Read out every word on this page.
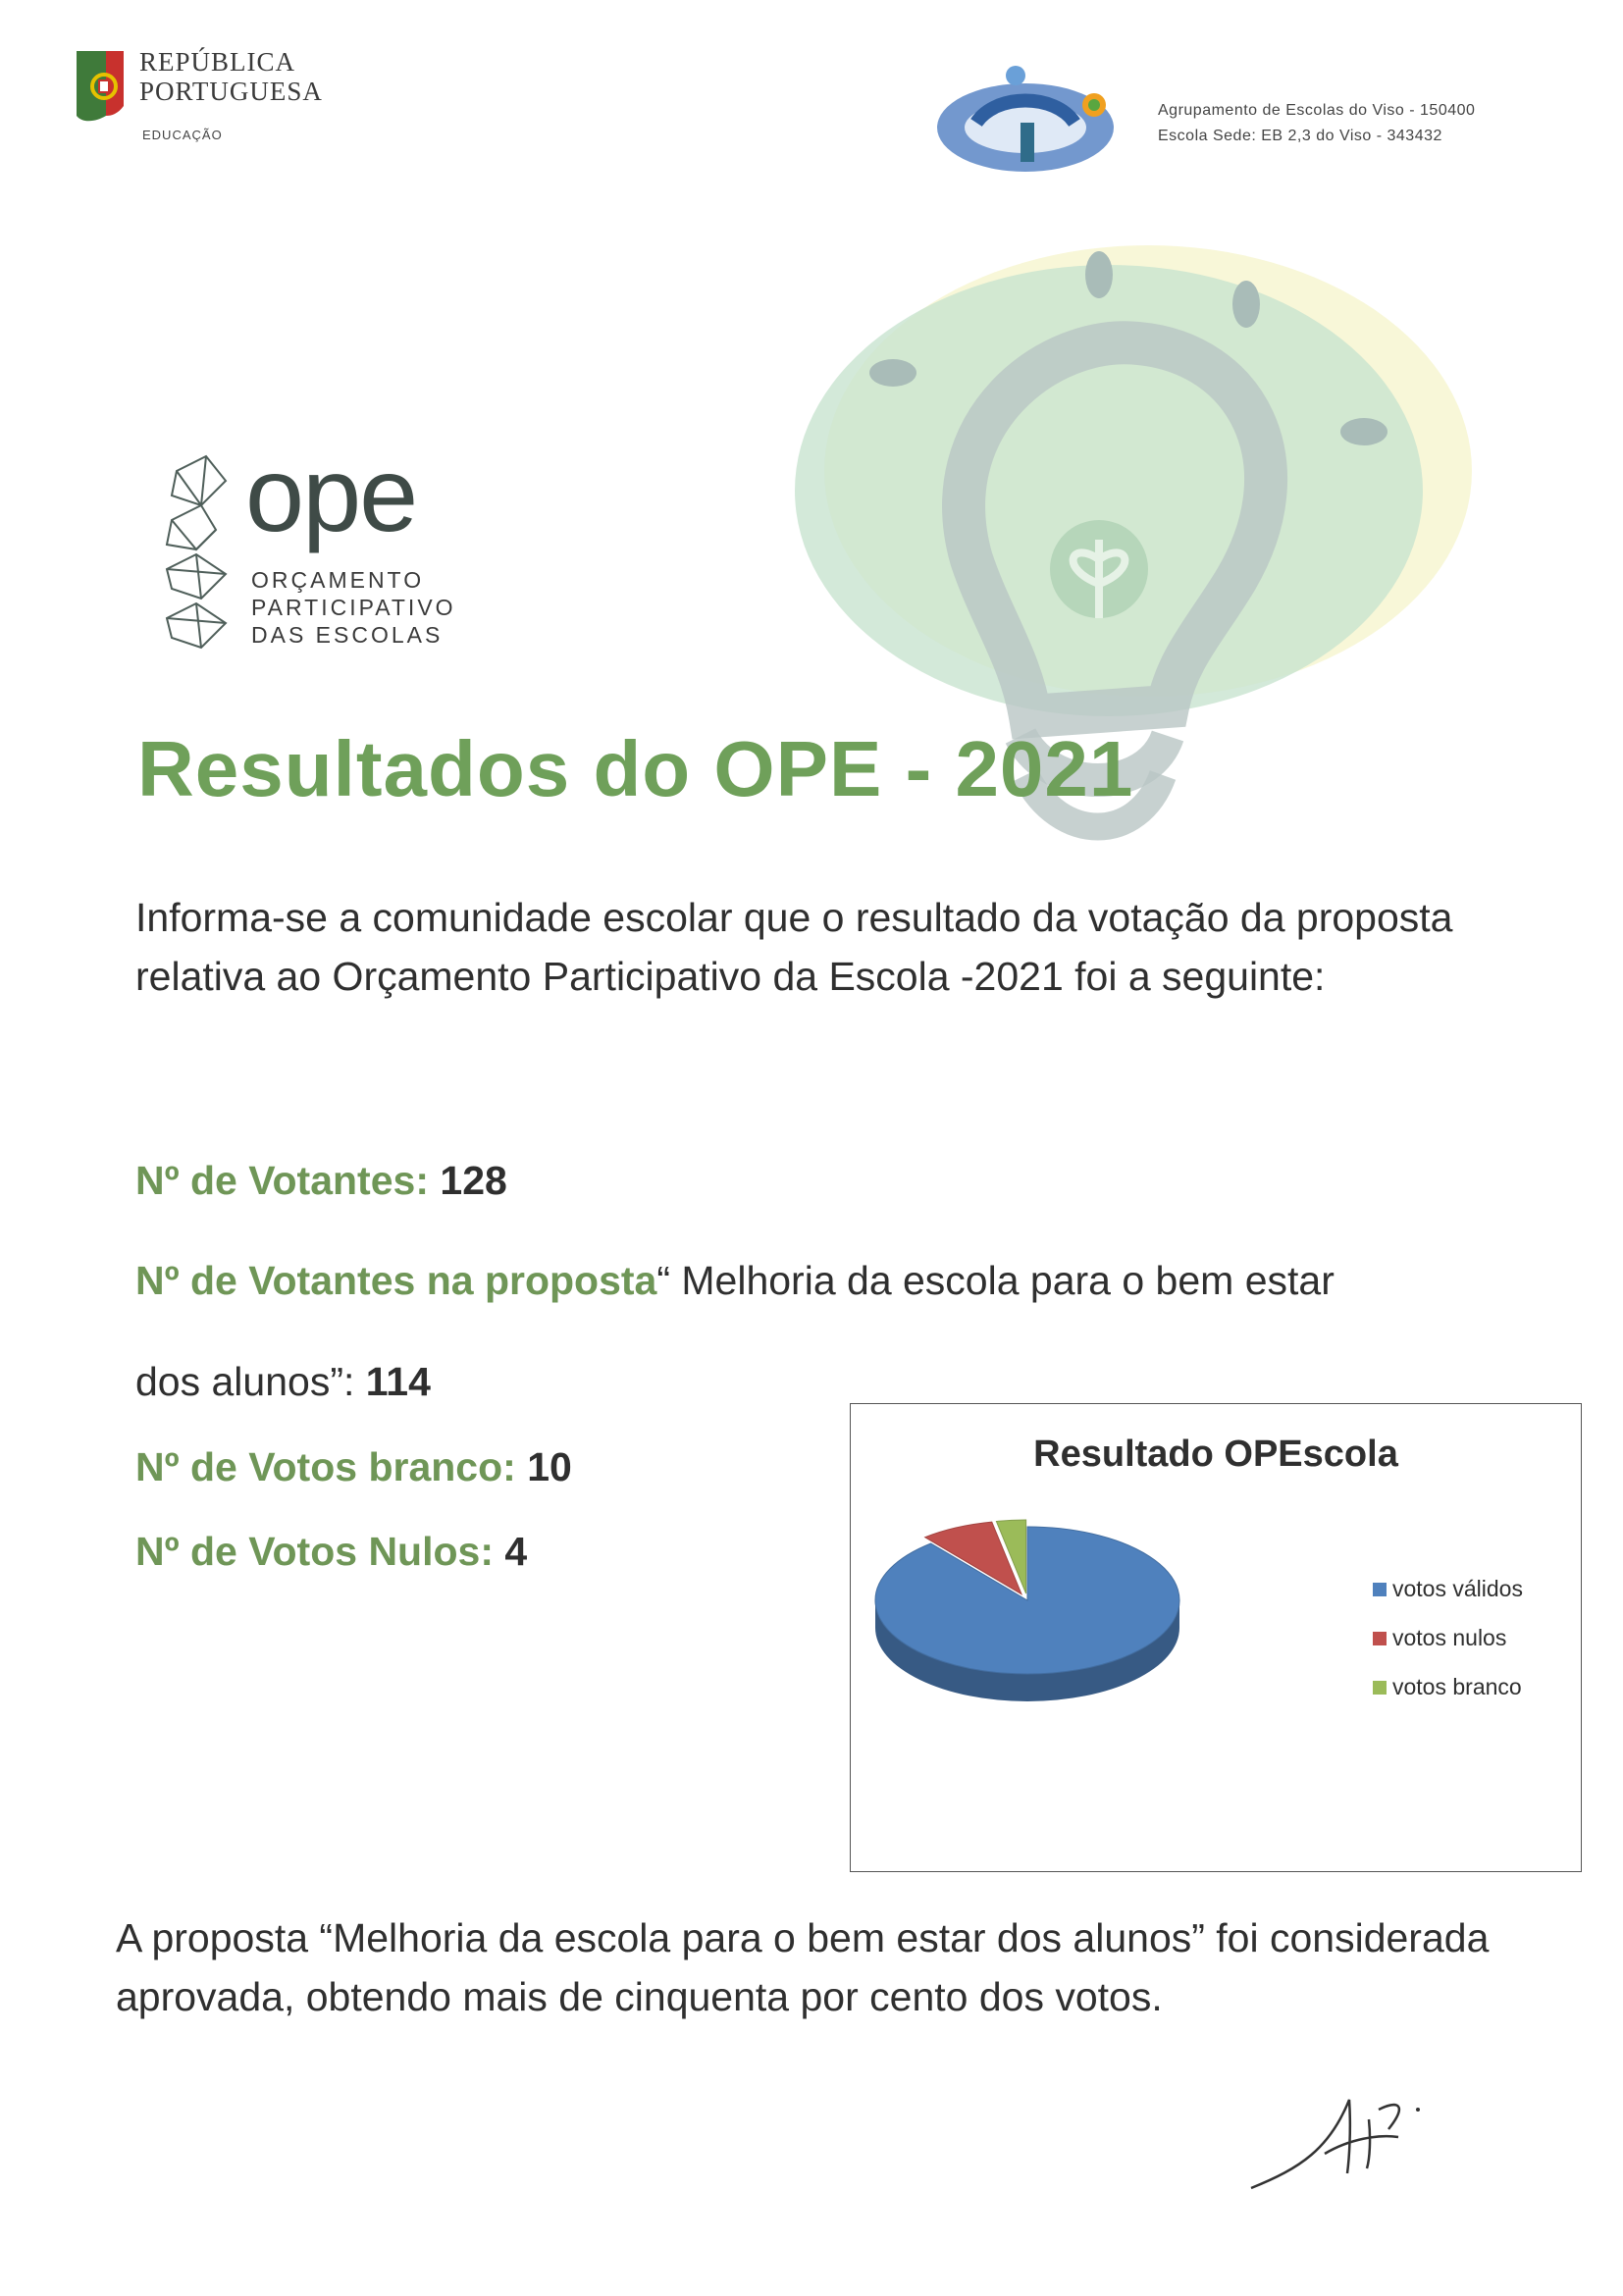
REPÚBLICA
PORTUGUESA
EDUCAÇÃO
Agrupamento de Escolas do Viso - 150400
Escola Sede: EB 2,3 do Viso - 343432
ope
ORÇAMENTO
PARTICIPATIVO
DAS ESCOLAS
Resultados do OPE - 2021
Informa-se a comunidade escolar que o resultado da votação da proposta relativa ao Orçamento Participativo da Escola -2021 foi a seguinte:
Nº de Votantes: 128
Nº de Votantes na proposta“ Melhoria da escola para o bem estar
dos alunos”: 114
Nº de Votos branco: 10
Nº de Votos Nulos: 4
Resultado OPEscola
votos válidos
votos nulos
votos branco
A proposta “Melhoria da escola para o bem estar dos alunos” foi considerada aprovada, obtendo mais de cinquenta por cento dos votos.
